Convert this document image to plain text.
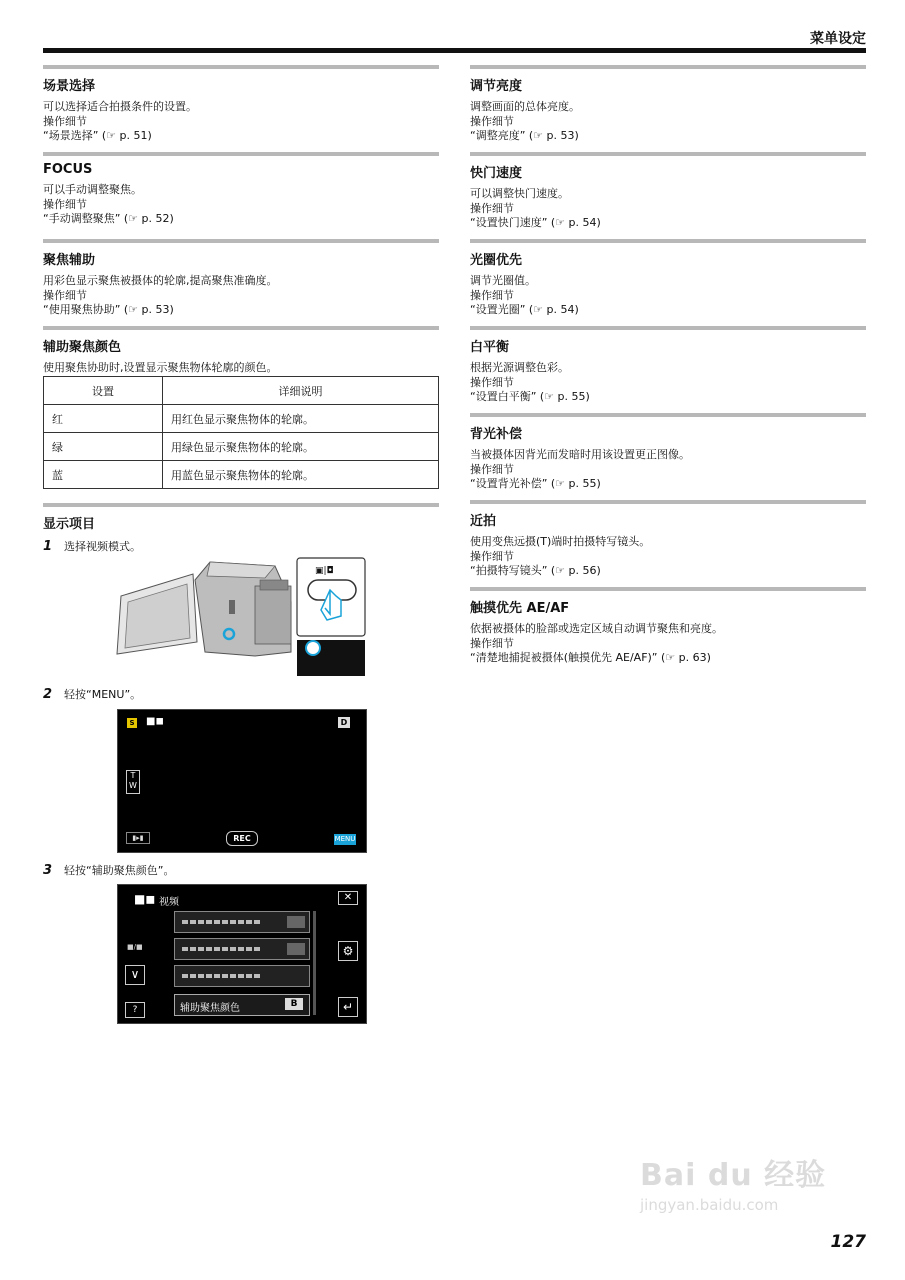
菜单设定
场景选择

可以选择适合拍摄条件的设置。

操作细节

“场景选择” (☞ p. 51)

FOCUS

可以手动调整聚焦。

操作细节

“手动调整聚焦” (☞ p. 52)

聚焦辅助

用彩色显示聚焦被摄体的轮廓,提高聚焦准确度。

操作细节

“使用聚焦协助” (☞ p. 53)

辅助聚焦颜色

使用聚焦协助时,设置显示聚焦物体轮廓的颜色。

设置	详细说明
红	用红色显示聚焦物体的轮廓。
绿	用绿色显示聚焦物体的轮廓。
蓝	用蓝色显示聚焦物体的轮廓。
显示项目
1 选择视频模式。
2 轻按“MENU”。
3 轻按“辅助聚焦颜色”。
▣|◘
S ■◼	D
T
W
▮▸▮	REC	MENU
■◼ 视频	✕
辅助聚焦颜色	B
■/■
∨
?
⚙
↵
调节亮度

调整画面的总体亮度。

操作细节

“调整亮度” (☞ p. 53)

快门速度

可以调整快门速度。

操作细节

“设置快门速度” (☞ p. 54)

光圈优先

调节光圈值。

操作细节

“设置光圈” (☞ p. 54)

白平衡

根据光源调整色彩。

操作细节

“设置白平衡” (☞ p. 55)

背光补偿

当被摄体因背光而发暗时用该设置更正图像。

操作细节

“设置背光补偿” (☞ p. 55)

近拍

使用变焦远摄(T)端时拍摄特写镜头。

操作细节

“拍摄特写镜头” (☞ p. 56)

触摸优先 AE/AF

依据被摄体的脸部或选定区域自动调节聚焦和亮度。

操作细节

“清楚地捕捉被摄体(触摸优先 AE/AF)” (☞ p. 63)

Bai du 经验
jingyan.baidu.com
127
